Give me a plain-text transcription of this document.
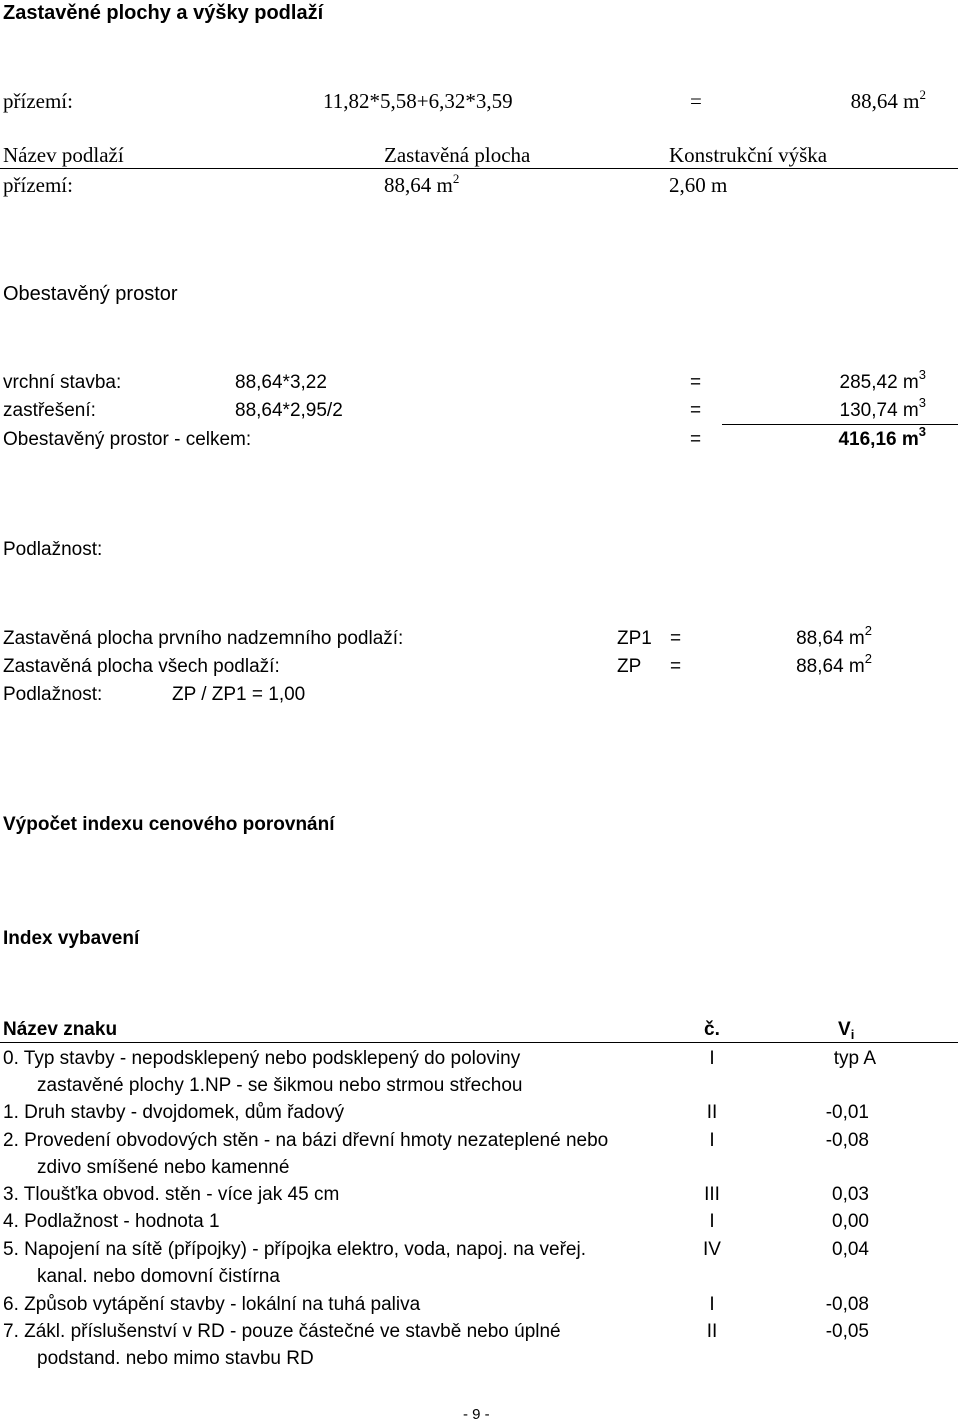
Zastavěné plochy a výšky podlaží
přízemí:	11,82*5,58+6,32*3,59	=	88,64 $m^2$
Název podlaží	Zastavěná plocha	Konstrukční výška
přízemí:	88,64 $m^2$	2,60 m
Obestavěný prostor
vrchní stavba:	88,64*3,22	=	285,42 $m^3$
zastřešení:	88,64*2,95/2	=	130,74 $m^3$
Obestavěný prostor - celkem:	=	416,16 $m^3$
Podlažnost:
Zastavěná plocha prvního nadzemního podlaží:	ZP1 =	88,64 $m^2$
Zastavěná plocha všech podlaží:	ZP =	88,64 $m^2$
Podlažnost:	ZP / ZP1 = 1,00
Výpočet indexu cenového porovnání
Index vybavení
Název znaku	č.	$V_i$
0. Typ stavby - nepodsklepený nebo podsklepený do poloviny
zastavěné plochy 1.NP - se šikmou nebo strmou střechou
I	typ A
1. Druh stavby - dvojdomek, dům řadový	II	-0,01
2. Provedení obvodových stěn - na bázi dřevní hmoty nezateplené nebo
zdivo smíšené nebo kamenné
I	-0,08
3. Tloušťka obvod. stěn - více jak 45 cm	III	0,03
4. Podlažnost - hodnota 1	I	0,00
5. Napojení na sítě (přípojky) - přípojka elektro, voda, napoj. na veřej.
kanal. nebo domovní čistírna
IV	0,04
6. Způsob vytápění stavby - lokální na tuhá paliva	I	-0,08
7. Zákl. příslušenství v RD - pouze částečné ve stavbě nebo úplné
podstand. nebo mimo stavbu RD
II	-0,05
- 9 -
